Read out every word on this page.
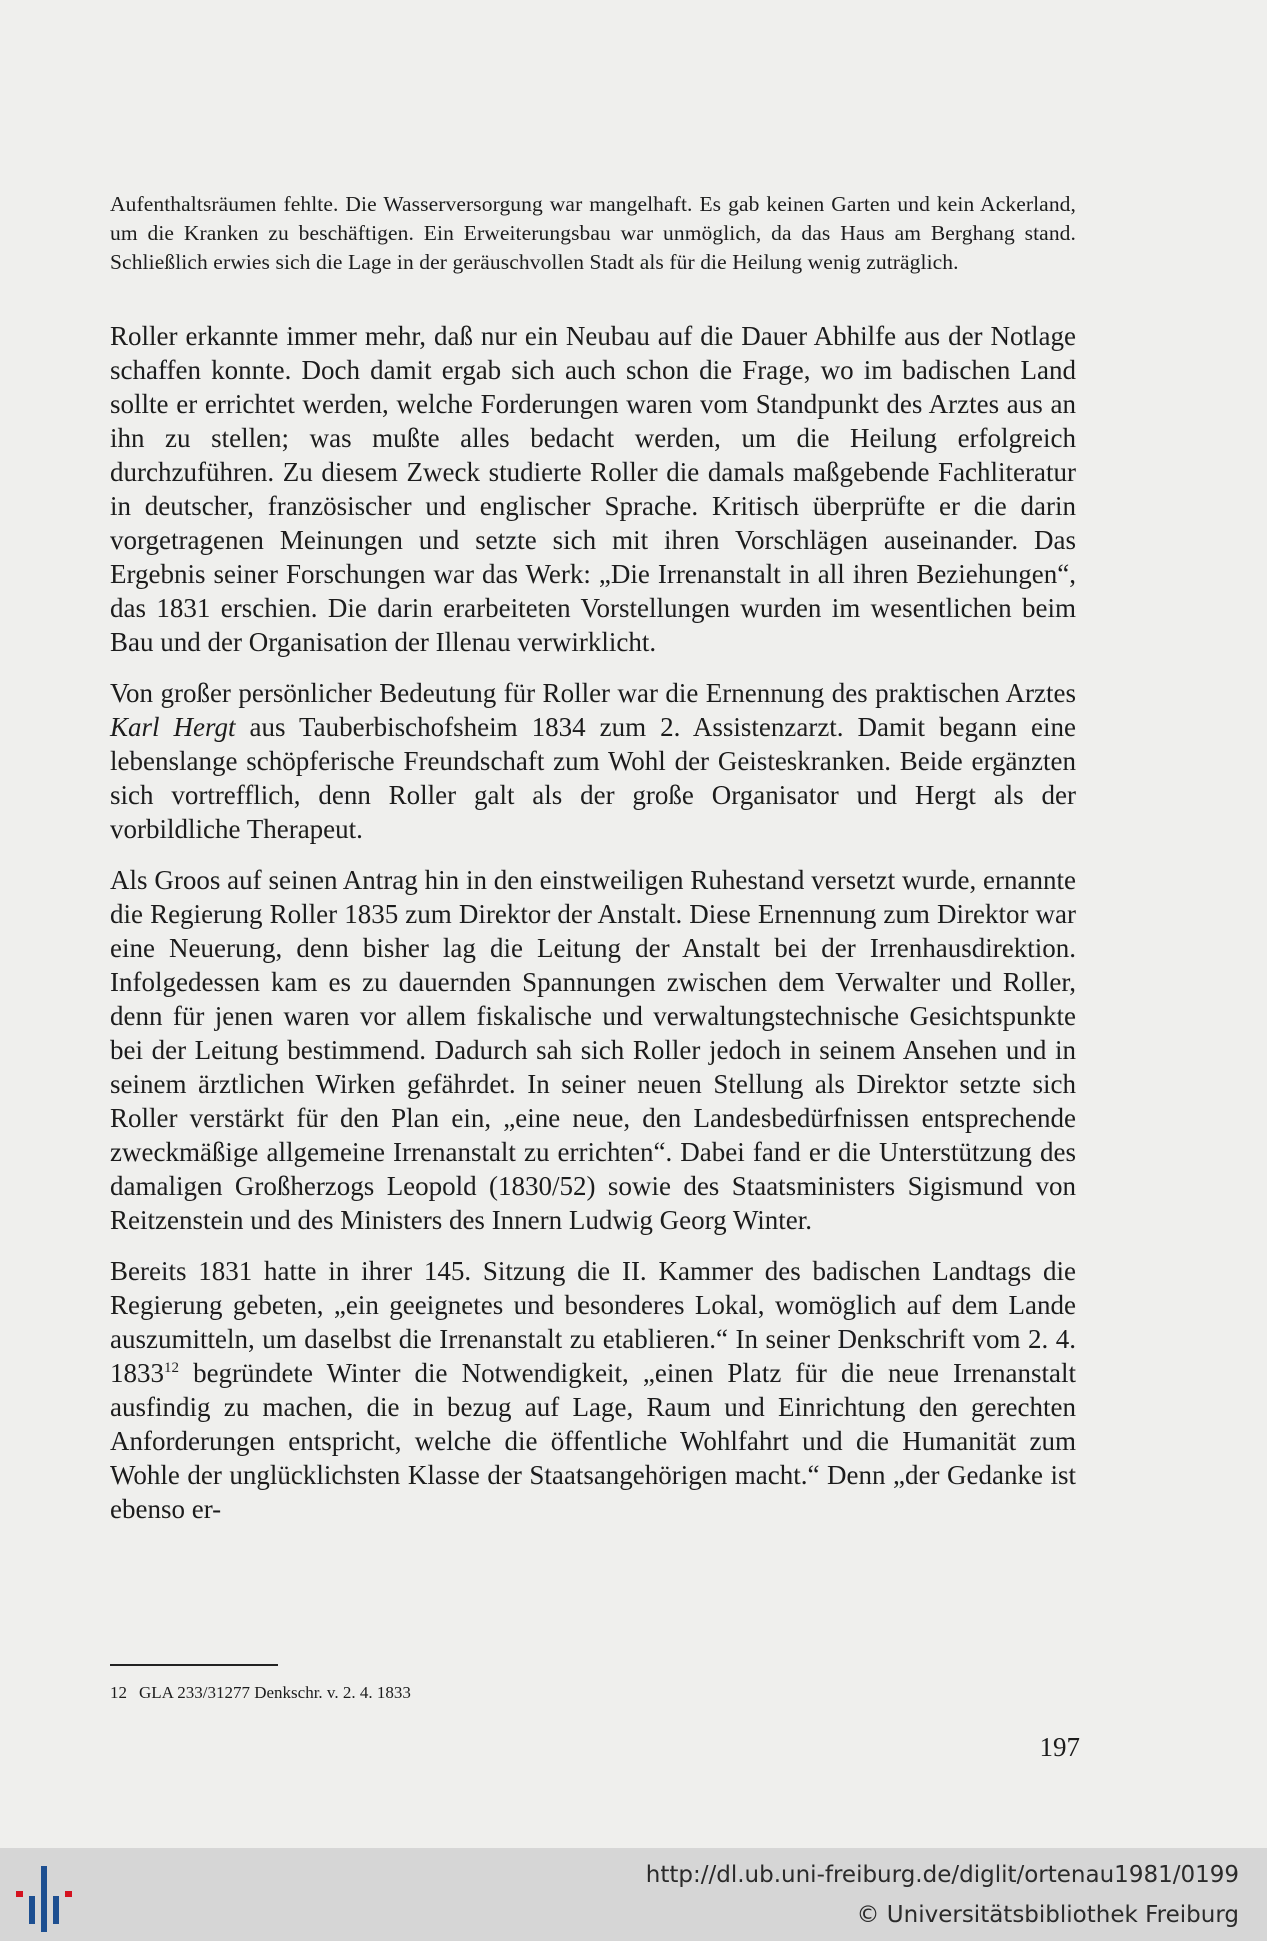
Aufenthaltsräumen fehlte. Die Wasserversorgung war mangelhaft. Es gab keinen Garten und kein Ackerland, um die Kranken zu beschäftigen. Ein Erweiterungsbau war unmöglich, da das Haus am Berghang stand. Schließlich erwies sich die Lage in der geräuschvollen Stadt als für die Heilung wenig zuträglich.

Roller erkannte immer mehr, daß nur ein Neubau auf die Dauer Abhilfe aus der Notlage schaffen konnte. Doch damit ergab sich auch schon die Frage, wo im badischen Land sollte er errichtet werden, welche Forderungen waren vom Standpunkt des Arztes aus an ihn zu stellen; was mußte alles bedacht werden, um die Heilung erfolgreich durchzuführen. Zu diesem Zweck studierte Roller die damals maßgebende Fachliteratur in deutscher, französischer und englischer Sprache. Kritisch überprüfte er die darin vorgetragenen Meinungen und setzte sich mit ihren Vorschlägen auseinander. Das Ergebnis seiner Forschungen war das Werk: „Die Irrenanstalt in all ihren Beziehungen“, das 1831 erschien. Die darin erarbeiteten Vorstellungen wurden im wesentlichen beim Bau und der Organisation der Illenau verwirklicht.

Von großer persönlicher Bedeutung für Roller war die Ernennung des praktischen Arztes Karl Hergt aus Tauberbischofsheim 1834 zum 2. Assistenzarzt. Damit begann eine lebenslange schöpferische Freundschaft zum Wohl der Geisteskranken. Beide ergänzten sich vortrefflich, denn Roller galt als der große Organisator und Hergt als der vorbildliche Therapeut.

Als Groos auf seinen Antrag hin in den einstweiligen Ruhestand versetzt wurde, ernannte die Regierung Roller 1835 zum Direktor der Anstalt. Diese Ernennung zum Direktor war eine Neuerung, denn bisher lag die Leitung der Anstalt bei der Irrenhausdirektion. Infolgedessen kam es zu dauernden Spannungen zwischen dem Verwalter und Roller, denn für jenen waren vor allem fiskalische und verwaltungstechnische Gesichtspunkte bei der Leitung bestimmend. Dadurch sah sich Roller jedoch in seinem Ansehen und in seinem ärztlichen Wirken gefährdet. In seiner neuen Stellung als Direktor setzte sich Roller verstärkt für den Plan ein, „eine neue, den Landesbedürfnissen entsprechende zweckmäßige allgemeine Irrenanstalt zu errichten“. Dabei fand er die Unterstützung des damaligen Großherzogs Leopold (1830/52) sowie des Staatsministers Sigismund von Reitzenstein und des Ministers des Innern Ludwig Georg Winter.

Bereits 1831 hatte in ihrer 145. Sitzung die II. Kammer des badischen Landtags die Regierung gebeten, „ein geeignetes und besonderes Lokal, womöglich auf dem Lande auszumitteln, um daselbst die Irrenanstalt zu etablieren.“ In seiner Denkschrift vom 2. 4. 1833$^{12}$ begründete Winter die Notwendigkeit, „einen Platz für die neue Irrenanstalt ausfindig zu machen, die in bezug auf Lage, Raum und Einrichtung den gerechten Anforderungen entspricht, welche die öffentliche Wohlfahrt und die Humanität zum Wohle der unglücklichsten Klasse der Staatsangehörigen macht.“ Denn „der Gedanke ist ebenso er-

12 GLA 233/31277 Denkschr. v. 2. 4. 1833
197
http://dl.ub.uni-freiburg.de/diglit/ortenau1981/0199
© Universitätsbibliothek Freiburg
